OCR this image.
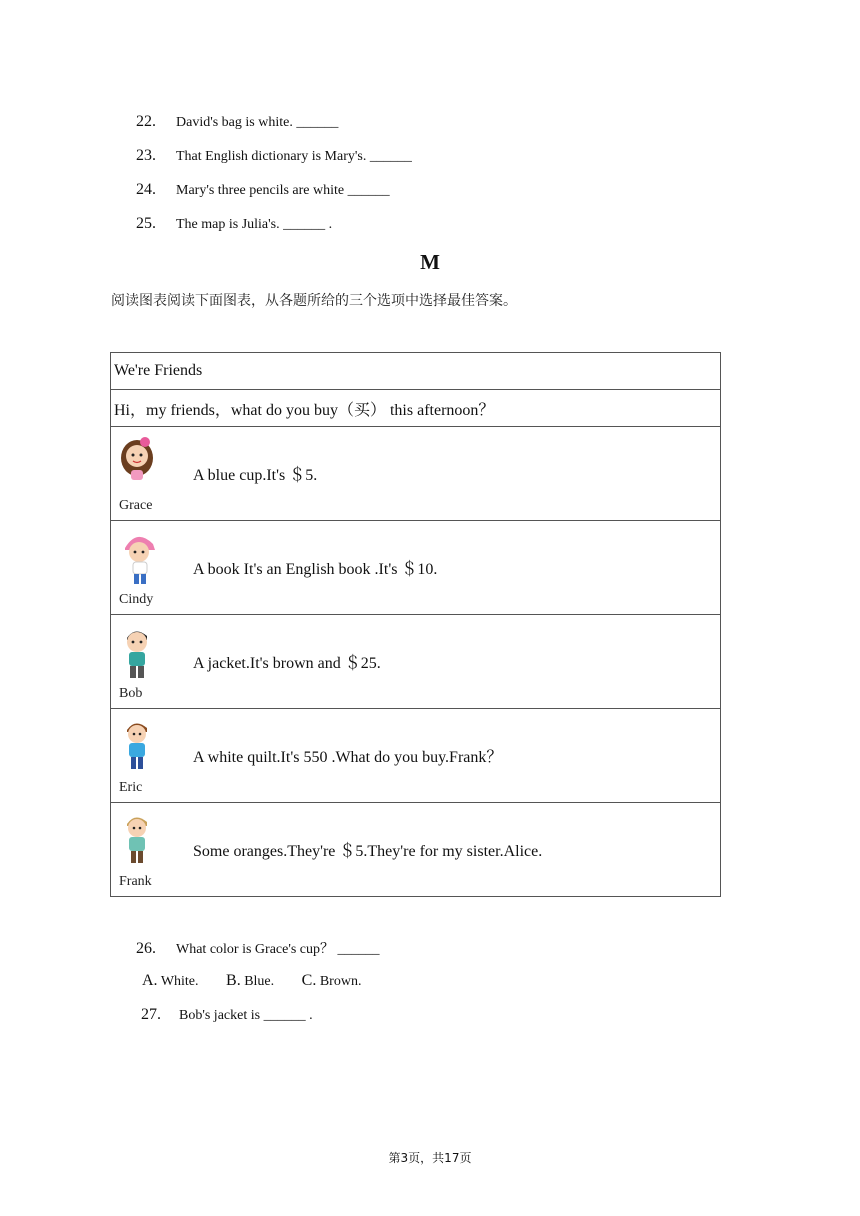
22. David's bag is white. ______
23. That English dictionary is Mary's. ______
24. Mary's three pencils are white ______
25. The map is Julia's. ______ .
M
阅读图表阅读下面图表，从各题所给的三个选项中选择最佳答案。
We're Friends
Hi，my friends，what do you buy（买） this afternoon？

Grace
A blue cup.It's ＄5.

Cindy
A book It's an English book .It's ＄10.

Bob
A jacket.It's brown and ＄25.

Eric
A white quilt.It's 550 .What do you buy.Frank？

Frank
Some oranges.They're ＄5.They're for my sister.Alice.
26. What color is Grace's cup？ ______
A. White. B. Blue. C. Brown.
27. Bob's jacket is ______ .
第3页，共17页
